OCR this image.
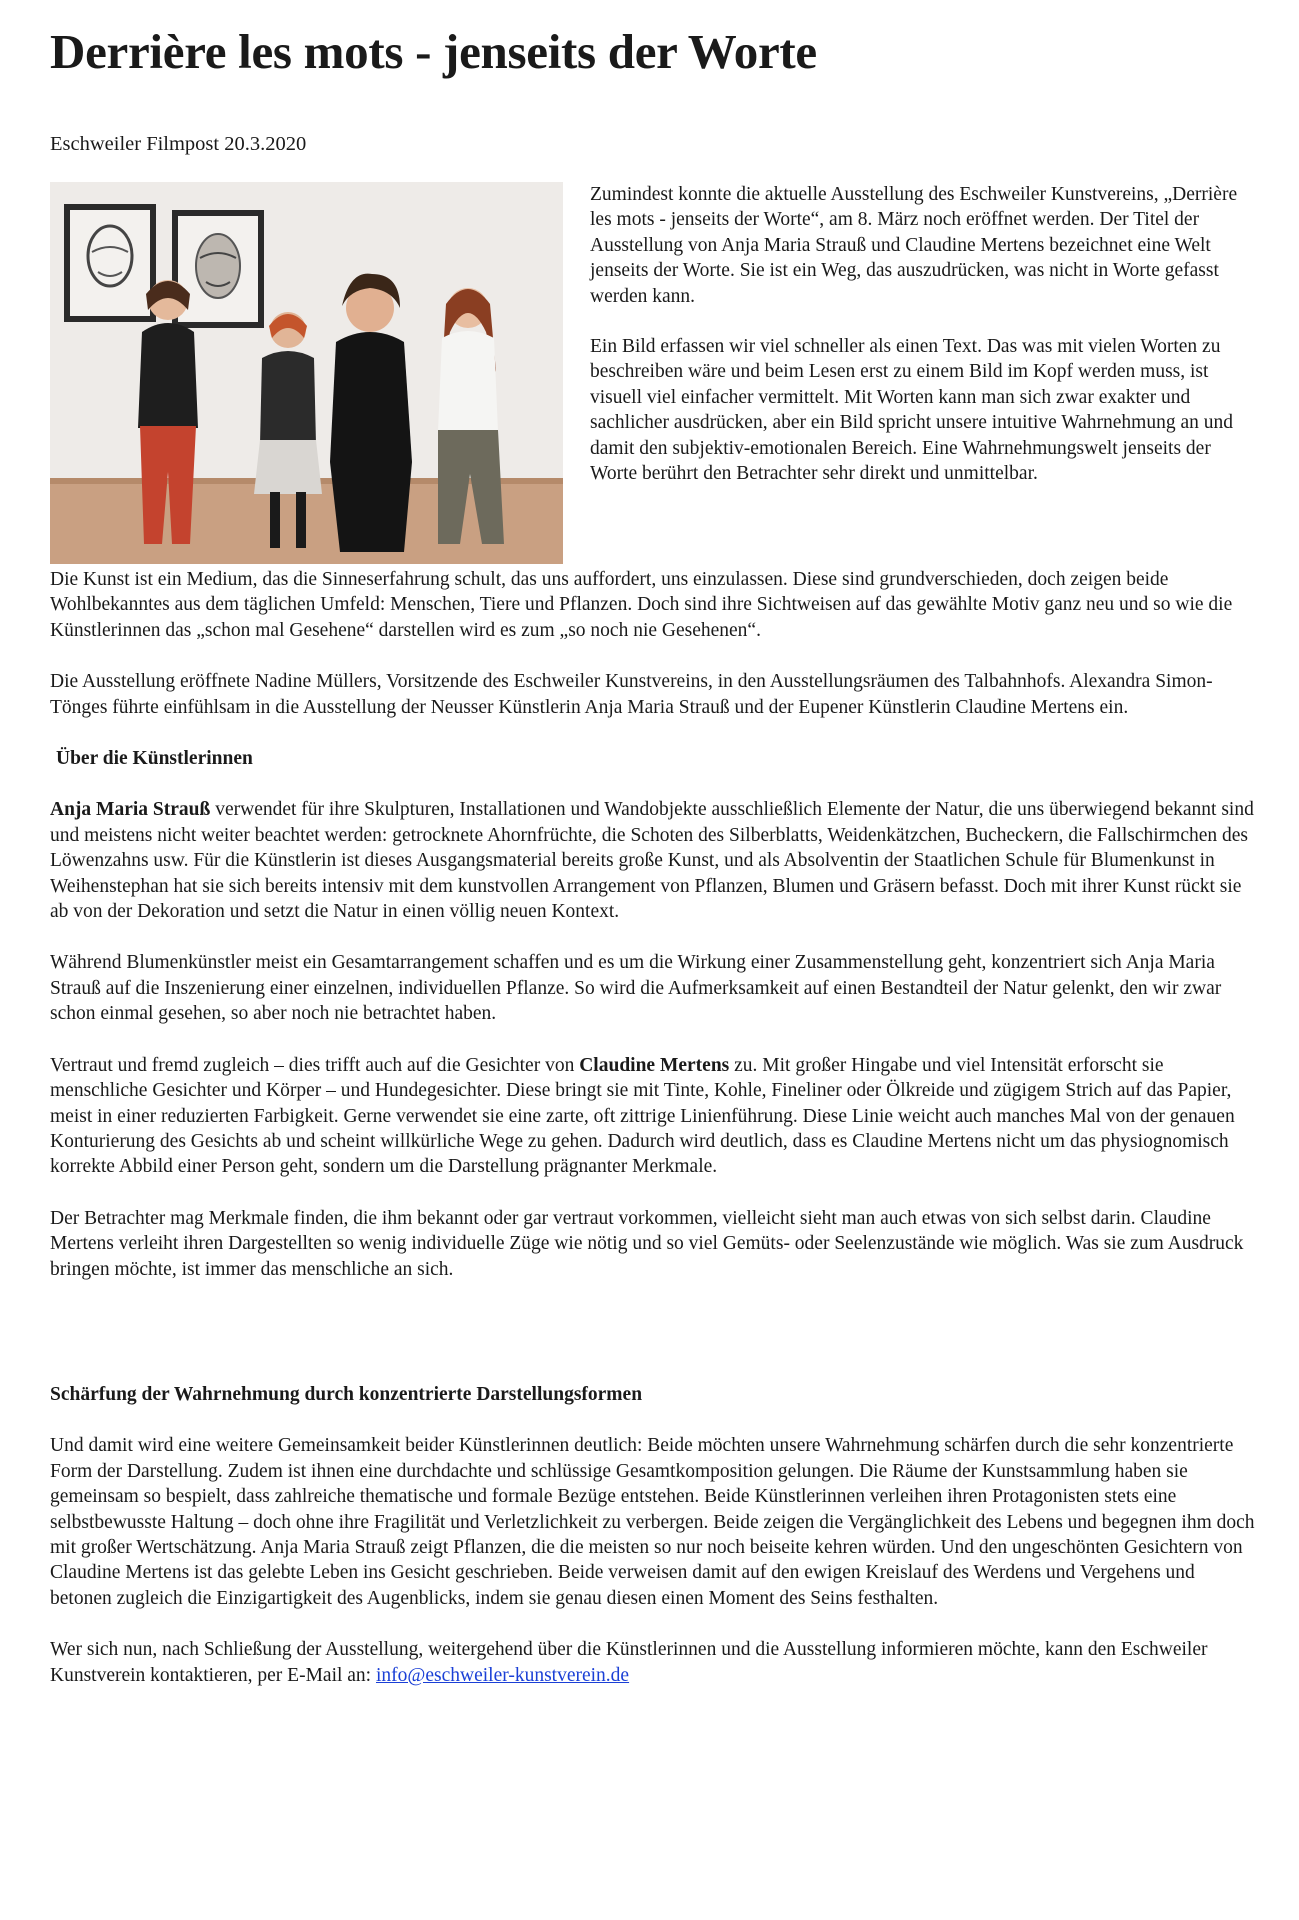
Derrière les mots - jenseits der Worte
Eschweiler Filmpost 20.3.2020

Zumindest konnte die aktuelle Ausstellung des Eschweiler Kunstvereins, „Derrière les mots - jenseits der Worte“, am 8. März noch eröffnet werden. Der Titel der Ausstellung von Anja Maria Strauß und Claudine Mertens bezeichnet eine Welt jenseits der Worte. Sie ist ein Weg, das auszudrücken, was nicht in Worte gefasst werden kann.

Ein Bild erfassen wir viel schneller als einen Text. Das was mit vielen Worten zu beschreiben wäre und beim Lesen erst zu einem Bild im Kopf werden muss, ist visuell viel einfacher vermittelt. Mit Worten kann man sich zwar exakter und sachlicher ausdrücken, aber ein Bild spricht unsere intuitive Wahrnehmung an und damit den subjektiv-emotionalen Bereich. Eine Wahrnehmungswelt jenseits der Worte berührt den Betrachter sehr direkt und unmittelbar.

Die Kunst ist ein Medium, das die Sinneserfahrung schult, das uns auffordert, uns einzulassen. Diese sind grundverschieden, doch zeigen beide Wohlbekanntes aus dem täglichen Umfeld: Menschen, Tiere und Pflanzen. Doch sind ihre Sichtweisen auf das gewählte Motiv ganz neu und so wie die Künstlerinnen das „schon mal Gesehene“ darstellen wird es zum „so noch nie Gesehenen“.

Die Ausstellung eröffnete Nadine Müllers, Vorsitzende des Eschweiler Kunstvereins, in den Ausstellungsräumen des Talbahnhofs. Alexandra Simon-Tönges führte einfühlsam in die Ausstellung der Neusser Künstlerin Anja Maria Strauß und der Eupener Künstlerin Claudine Mertens ein.

Über die Künstlerinnen

Anja Maria Strauß verwendet für ihre Skulpturen, Installationen und Wandobjekte ausschließlich Elemente der Natur, die uns überwiegend bekannt sind und meistens nicht weiter beachtet werden: getrocknete Ahornfrüchte, die Schoten des Silberblatts, Weidenkätzchen, Bucheckern, die Fallschirmchen des Löwenzahns usw. Für die Künstlerin ist dieses Ausgangsmaterial bereits große Kunst, und als Absolventin der Staatlichen Schule für Blumenkunst in Weihenstephan hat sie sich bereits intensiv mit dem kunstvollen Arrangement von Pflanzen, Blumen und Gräsern befasst. Doch mit ihrer Kunst rückt sie ab von der Dekoration und setzt die Natur in einen völlig neuen Kontext.

Während Blumenkünstler meist ein Gesamtarrangement schaffen und es um die Wirkung einer Zusammenstellung geht, konzentriert sich Anja Maria Strauß auf die Inszenierung einer einzelnen, individuellen Pflanze. So wird die Aufmerksamkeit auf einen Bestandteil der Natur gelenkt, den wir zwar schon einmal gesehen, so aber noch nie betrachtet haben.

Vertraut und fremd zugleich – dies trifft auch auf die Gesichter von Claudine Mertens zu. Mit großer Hingabe und viel Intensität erforscht sie menschliche Gesichter und Körper – und Hundegesichter. Diese bringt sie mit Tinte, Kohle, Fineliner oder Ölkreide und zügigem Strich auf das Papier, meist in einer reduzierten Farbigkeit. Gerne verwendet sie eine zarte, oft zittrige Linienführung. Diese Linie weicht auch manches Mal von der genauen Konturierung des Gesichts ab und scheint willkürliche Wege zu gehen. Dadurch wird deutlich, dass es Claudine Mertens nicht um das physiognomisch korrekte Abbild einer Person geht, sondern um die Darstellung prägnanter Merkmale.

Der Betrachter mag Merkmale finden, die ihm bekannt oder gar vertraut vorkommen, vielleicht sieht man auch etwas von sich selbst darin. Claudine Mertens verleiht ihren Dargestellten so wenig individuelle Züge wie nötig und so viel Gemüts- oder Seelenzustände wie möglich. Was sie zum Ausdruck bringen möchte, ist immer das menschliche an sich.

Schärfung der Wahrnehmung durch konzentrierte Darstellungsformen

Und damit wird eine weitere Gemeinsamkeit beider Künstlerinnen deutlich: Beide möchten unsere Wahrnehmung schärfen durch die sehr konzentrierte Form der Darstellung. Zudem ist ihnen eine durchdachte und schlüssige Gesamtkomposition gelungen. Die Räume der Kunstsammlung haben sie gemeinsam so bespielt, dass zahlreiche thematische und formale Bezüge entstehen. Beide Künstlerinnen verleihen ihren Protagonisten stets eine selbstbewusste Haltung – doch ohne ihre Fragilität und Verletzlichkeit zu verbergen. Beide zeigen die Vergänglichkeit des Lebens und begegnen ihm doch mit großer Wertschätzung. Anja Maria Strauß zeigt Pflanzen, die die meisten so nur noch beiseite kehren würden. Und den ungeschönten Gesichtern von Claudine Mertens ist das gelebte Leben ins Gesicht geschrieben. Beide verweisen damit auf den ewigen Kreislauf des Werdens und Vergehens und betonen zugleich die Einzigartigkeit des Augenblicks, indem sie genau diesen einen Moment des Seins festhalten.

Wer sich nun, nach Schließung der Ausstellung, weitergehend über die Künstlerinnen und die Ausstellung informieren möchte, kann den Eschweiler Kunstverein kontaktieren, per E-Mail an: info@eschweiler-kunstverein.de
